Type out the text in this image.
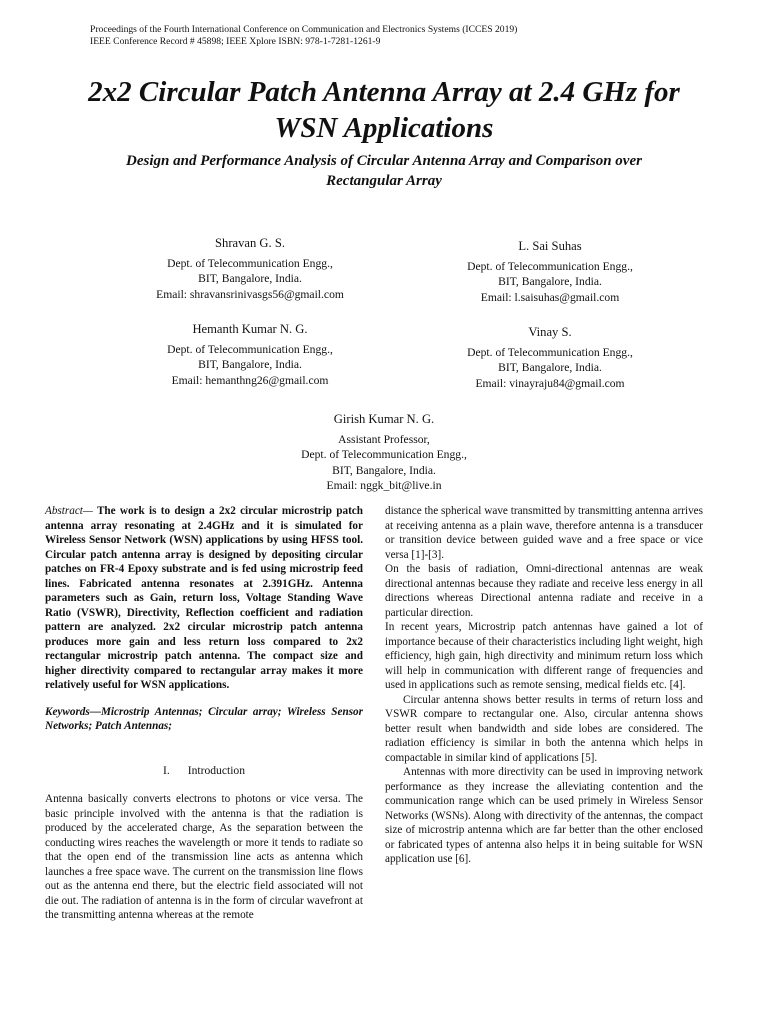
Proceedings of the Fourth International Conference on Communication and Electronics Systems (ICCES 2019)
IEEE Conference Record # 45898; IEEE Xplore ISBN: 978-1-7281-1261-9
2x2 Circular Patch Antenna Array at 2.4 GHz for
WSN Applications
Design and Performance Analysis of Circular Antenna Array and Comparison over
Rectangular Array
Shravan G. S.
Dept. of Telecommunication Engg.,
BIT, Bangalore, India.
Email: shravansrinivasgs56@gmail.com
L. Sai Suhas
Dept. of Telecommunication Engg.,
BIT, Bangalore, India.
Email: l.saisuhas@gmail.com
Hemanth Kumar N. G.
Dept. of Telecommunication Engg.,
BIT, Bangalore, India.
Email: hemanthng26@gmail.com
Vinay S.
Dept. of Telecommunication Engg.,
BIT, Bangalore, India.
Email: vinayraju84@gmail.com
Girish Kumar N. G.
Assistant Professor,
Dept. of Telecommunication Engg.,
BIT, Bangalore, India.
Email: nggk_bit@live.in

Abstract— The work is to design a 2x2 circular microstrip patch antenna array resonating at 2.4GHz and it is simulated for Wireless Sensor Network (WSN) applications by using HFSS tool. Circular patch antenna array is designed by depositing circular patches on FR-4 Epoxy substrate and is fed using microstrip feed lines. Fabricated antenna resonates at 2.391GHz. Antenna parameters such as Gain, return loss, Voltage Standing Wave Ratio (VSWR), Directivity, Reflection coefficient and radiation pattern are analyzed. 2x2 circular microstrip patch antenna produces more gain and less return loss compared to 2x2 rectangular microstrip patch antenna. The compact size and higher directivity compared to rectangular array makes it more relatively useful for WSN applications.

Keywords—Microstrip Antennas; Circular array; Wireless Sensor Networks; Patch Antennas;

I. Introduction

Antenna basically converts electrons to photons or vice versa. The basic principle involved with the antenna is that the radiation is produced by the accelerated charge, As the separation between the conducting wires reaches the wavelength or more it tends to radiate so that the open end of the transmission line acts as antenna which launches a free space wave. The current on the transmission line flows out as the antenna end there, but the electric field associated will not die out. The radiation of antenna is in the form of circular wavefront at the transmitting antenna whereas at the remote

distance the spherical wave transmitted by transmitting antenna arrives at receiving antenna as a plain wave, therefore antenna is a transducer or transition device between guided wave and a free space or vice versa [1]-[3].

On the basis of radiation, Omni-directional antennas are weak directional antennas because they radiate and receive less energy in all directions whereas Directional antenna radiate and receive in a particular direction.

In recent years, Microstrip patch antennas have gained a lot of importance because of their characteristics including light weight, high efficiency, high gain, high directivity and minimum return loss which will help in communication with different range of frequencies and used in applications such as remote sensing, medical fields etc. [4].

Circular antenna shows better results in terms of return loss and VSWR compare to rectangular one. Also, circular antenna shows better result when bandwidth and side lobes are considered. The radiation efficiency is similar in both the antenna which helps in compactable in similar kind of applications [5].

Antennas with more directivity can be used in improving network performance as they increase the alleviating contention and the communication range which can be used primely in Wireless Sensor Networks (WSNs). Along with directivity of the antennas, the compact size of microstrip antenna which are far better than the other enclosed or fabricated types of antenna also helps it in being suitable for WSN application use [6].
